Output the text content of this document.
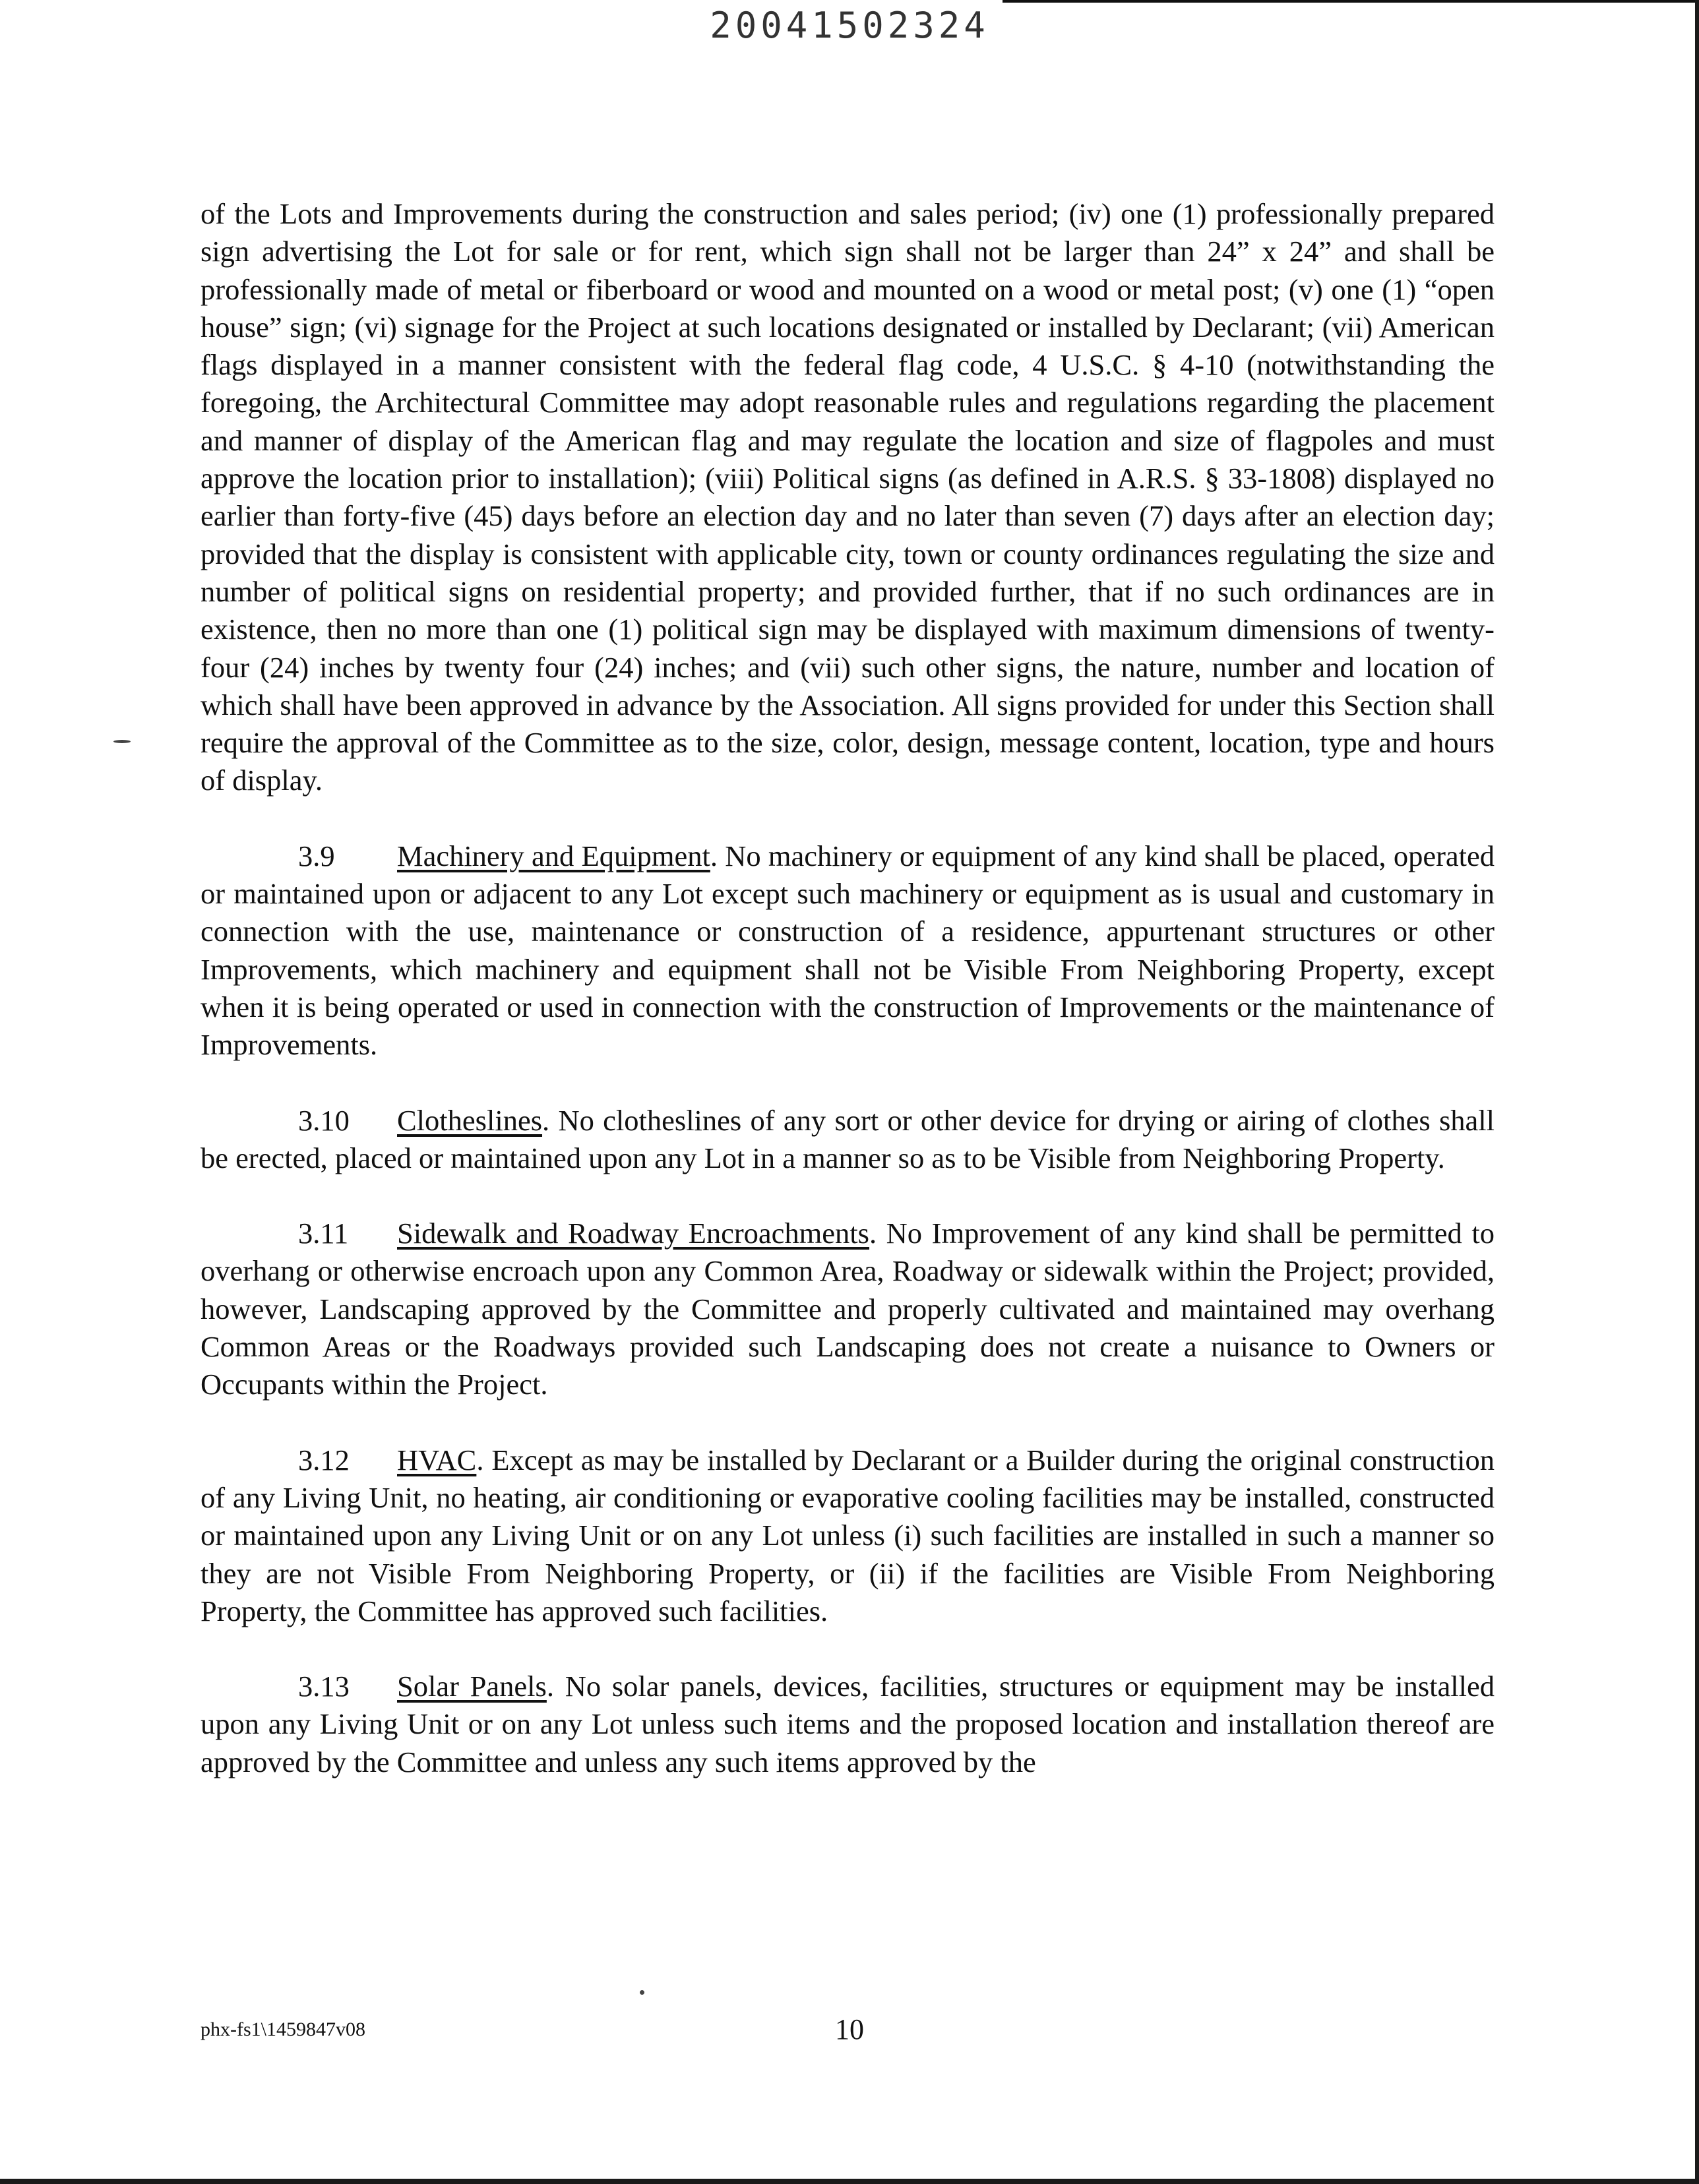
20041502324

of the Lots and Improvements during the construction and sales period; (iv) one (1) professionally prepared sign advertising the Lot for sale or for rent, which sign shall not be larger than 24” x 24” and shall be professionally made of metal or fiberboard or wood and mounted on a wood or metal post; (v) one (1) “open house” sign; (vi) signage for the Project at such locations designated or installed by Declarant; (vii) American flags displayed in a manner consistent with the federal flag code, 4 U.S.C. § 4-10 (notwithstanding the foregoing, the Architectural Committee may adopt reasonable rules and regulations regarding the placement and manner of display of the American flag and may regulate the location and size of flagpoles and must approve the location prior to installation); (viii) Political signs (as defined in A.R.S. § 33-1808) displayed no earlier than forty-five (45) days before an election day and no later than seven (7) days after an election day; provided that the display is consistent with applicable city, town or county ordinances regulating the size and number of political signs on residential property; and provided further, that if no such ordinances are in existence, then no more than one (1) political sign may be displayed with maximum dimensions of twenty-four (24) inches by twenty four (24) inches; and (vii) such other signs, the nature, number and location of which shall have been approved in advance by the Association. All signs provided for under this Section shall require the approval of the Committee as to the size, color, design, message content, location, type and hours of display.

3.9 Machinery and Equipment. No machinery or equipment of any kind shall be placed, operated or maintained upon or adjacent to any Lot except such machinery or equipment as is usual and customary in connection with the use, maintenance or construction of a residence, appurtenant structures or other Improvements, which machinery and equipment shall not be Visible From Neighboring Property, except when it is being operated or used in connection with the construction of Improvements or the maintenance of Improvements.

3.10 Clotheslines. No clotheslines of any sort or other device for drying or airing of clothes shall be erected, placed or maintained upon any Lot in a manner so as to be Visible from Neighboring Property.

3.11 Sidewalk and Roadway Encroachments. No Improvement of any kind shall be permitted to overhang or otherwise encroach upon any Common Area, Roadway or sidewalk within the Project; provided, however, Landscaping approved by the Committee and properly cultivated and maintained may overhang Common Areas or the Roadways provided such Landscaping does not create a nuisance to Owners or Occupants within the Project.

3.12 HVAC. Except as may be installed by Declarant or a Builder during the original construction of any Living Unit, no heating, air conditioning or evaporative cooling facilities may be installed, constructed or maintained upon any Living Unit or on any Lot unless (i) such facilities are installed in such a manner so they are not Visible From Neighboring Property, or (ii) if the facilities are Visible From Neighboring Property, the Committee has approved such facilities.

3.13 Solar Panels. No solar panels, devices, facilities, structures or equipment may be installed upon any Living Unit or on any Lot unless such items and the proposed location and installation thereof are approved by the Committee and unless any such items approved by the

phx-fs1\1459847v08	10
